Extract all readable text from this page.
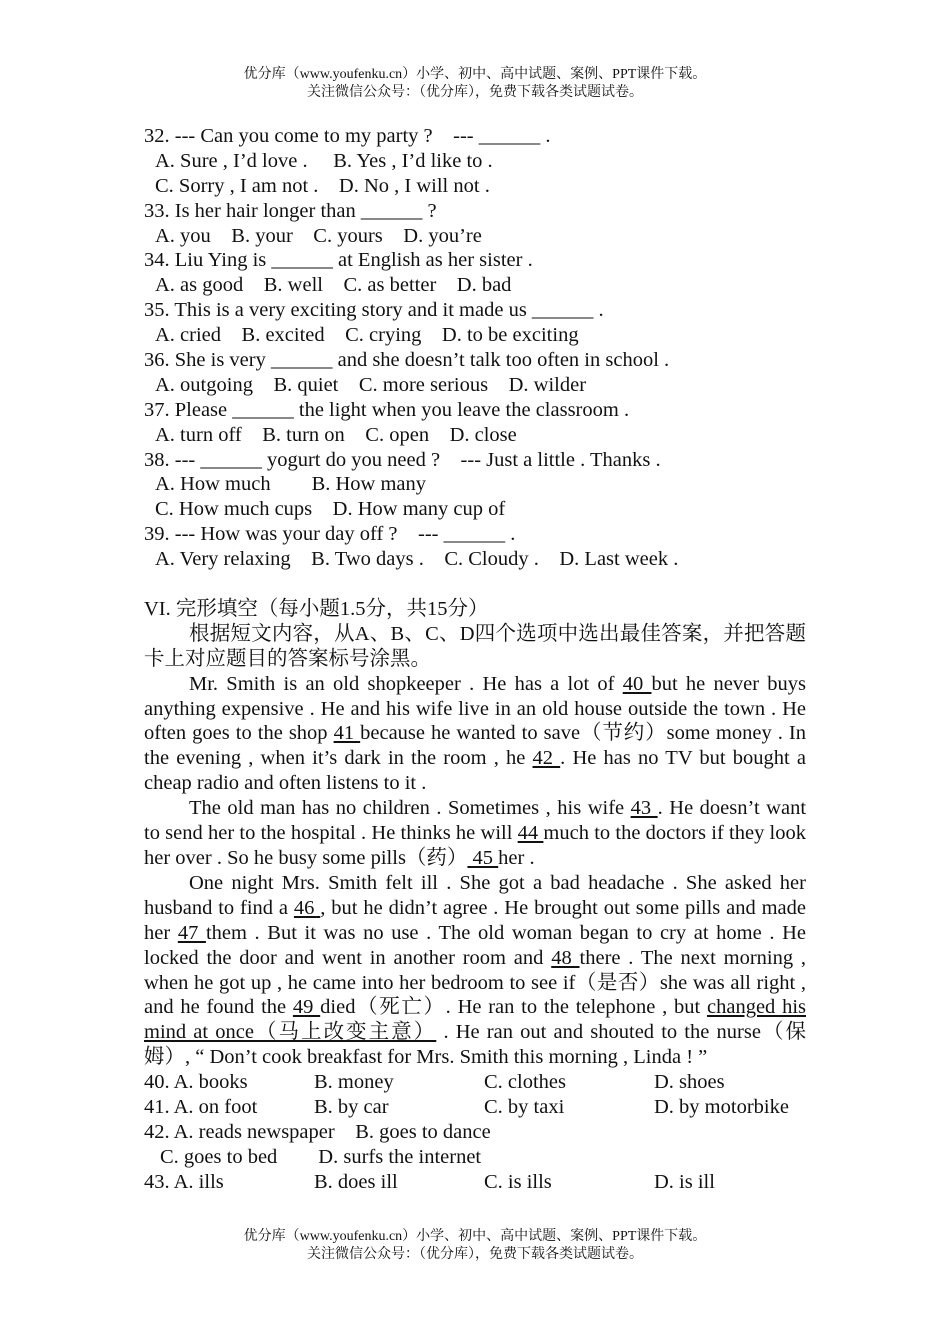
优分库（www.youfenku.cn）小学、初中、高中试题、案例、PPT课件下载。
关注微信公众号：（优分库），免费下载各类试题试卷。
32. --- Can you come to my party ?    --- ______ .
A. Sure , I’d love .     B. Yes , I’d like to .
C. Sorry , I am not .    D. No , I will not .
33. Is her hair longer than ______ ?
A. you    B. your    C. yours    D. you’re
34. Liu Ying is ______ at English as her sister .
A. as good    B. well    C. as better    D. bad
35. This is a very exciting story and it made us ______ .
A. cried    B. excited    C. crying    D. to be exciting
36. She is very ______ and she doesn’t talk too often in school .
A. outgoing    B. quiet    C. more serious    D. wilder
37. Please ______ the light when you leave the classroom .
A. turn off    B. turn on    C. open    D. close
38. --- ______ yogurt do you need ?    --- Just a little . Thanks .
A. How much        B. How many
C. How much cups    D. How many cup of
39. --- How was your day off ?    --- ______ .
A. Very relaxing    B. Two days .    C. Cloudy .    D. Last week .
VI. 完形填空（每小题1.5分，共15分）
根据短文内容，从A、B、C、D四个选项中选出最佳答案，并把答题卡上对应题目的答案标号涂黑。
Mr. Smith is an old shopkeeper . He has a lot of 40 but he never buys anything expensive . He and his wife live in an old house outside the town . He often goes to the shop 41 because he wanted to save（节约）some money . In the evening , when it’s dark in the room , he 42 . He has no TV but bought a cheap radio and often listens to it .
The old man has no children . Sometimes , his wife 43 . He doesn’t want to send her to the hospital . He thinks he will 44 much to the doctors if they look her over . So he busy some pills（药） 45 her .
One night Mrs. Smith felt ill . She got a bad headache . She asked her husband to find a 46 , but he didn’t agree . He brought out some pills and made her 47 them . But it was no use . The old woman began to cry at home . He locked the door and went in another room and 48 there . The next morning , when he got up , he came into her bedroom to see if（是否）she was all right , and he found the 49 died（死亡）. He ran to the telephone , but changed his mind at once（马上改变主意） . He ran out and shouted to the nurse（保姆）, “ Don’t cook breakfast for Mrs. Smith this morning , Linda ! ”
40. A. books	B. money	C. clothes	D. shoes
41. A. on foot	B. by car	C. by taxi	D. by motorbike
42. A. reads newspaper    B. goes to dance
C. goes to bed        D. surfs the internet
43. A. ills	B. does ill	C. is ills	D. is ill
优分库（www.youfenku.cn）小学、初中、高中试题、案例、PPT课件下载。
关注微信公众号：（优分库），免费下载各类试题试卷。
